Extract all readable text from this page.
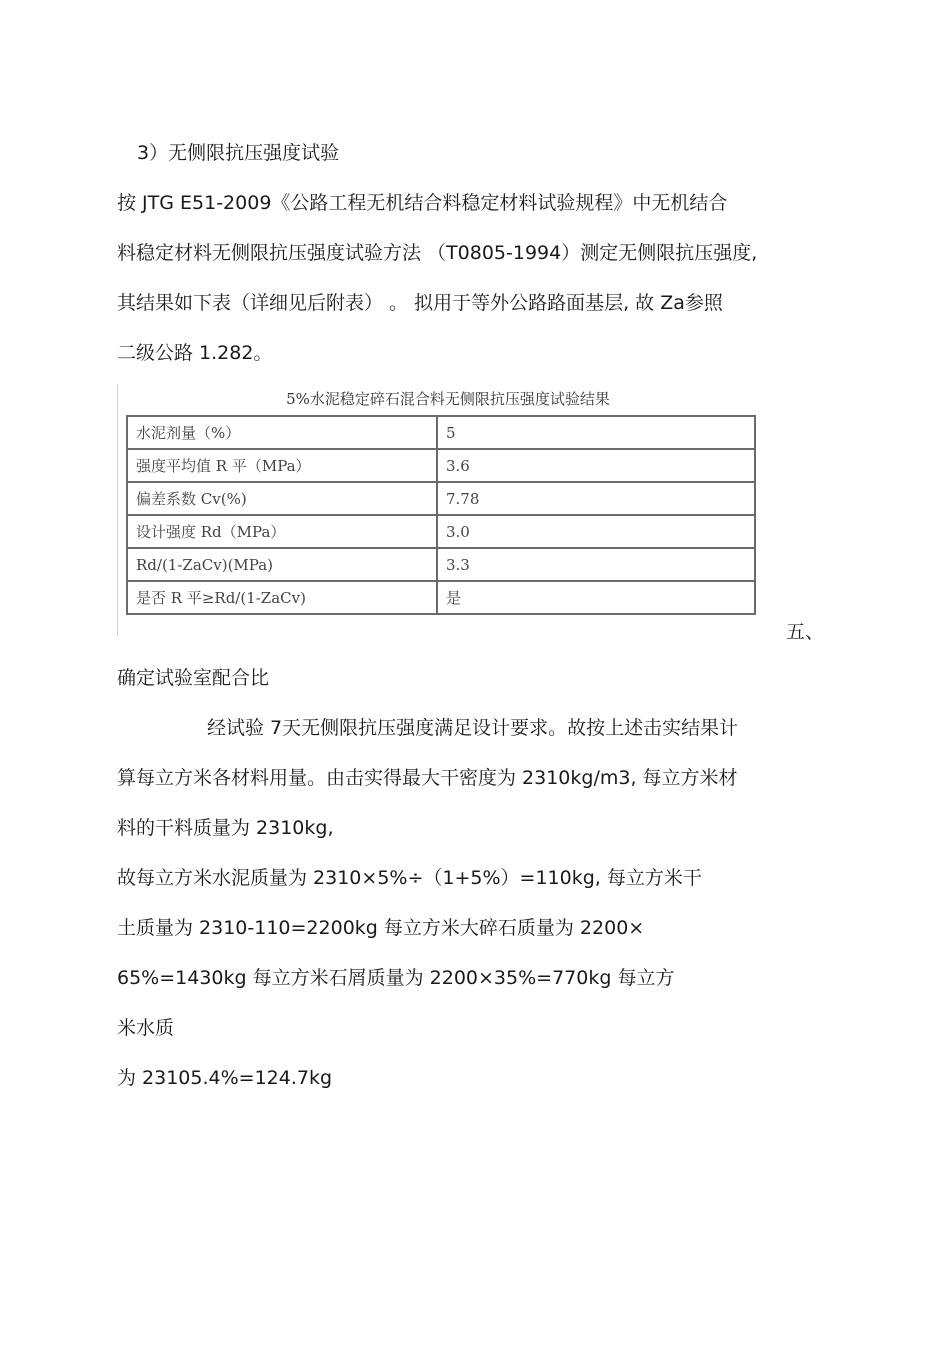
3）无侧限抗压强度试验
按 JTG E51-2009《公路工程无机结合料稳定材料试验规程》中无机结合
料稳定材料无侧限抗压强度试验方法 （T0805-1994）测定无侧限抗压强度,
其结果如下表（详细见后附表） 。 拟用于等外公路路面基层, 故 Za参照
二级公路 1.282。
5%水泥稳定碎石混合料无侧限抗压强度试验结果
水泥剂量（%）	5
强度平均值 R 平（MPa）	3.6
偏差系数 Cv(%)	7.78
设计强度 Rd（MPa）	3.0
Rd/(1-ZaCv)(MPa)	3.3
是否 R 平≥Rd/(1-ZaCv)	是
五、
确定试验室配合比
经试验 7天无侧限抗压强度满足设计要求。故按上述击实结果计
算每立方米各材料用量。由击实得最大干密度为 2310kg/m3, 每立方米材
料的干料质量为 2310kg,
故每立方米水泥质量为 2310×5%÷（1+5%）=110kg, 每立方米干
土质量为 2310-110=2200kg 每立方米大碎石质量为 2200×
65%=1430kg 每立方米石屑质量为 2200×35%=770kg 每立方
米水质
为 23105.4%=124.7kg
